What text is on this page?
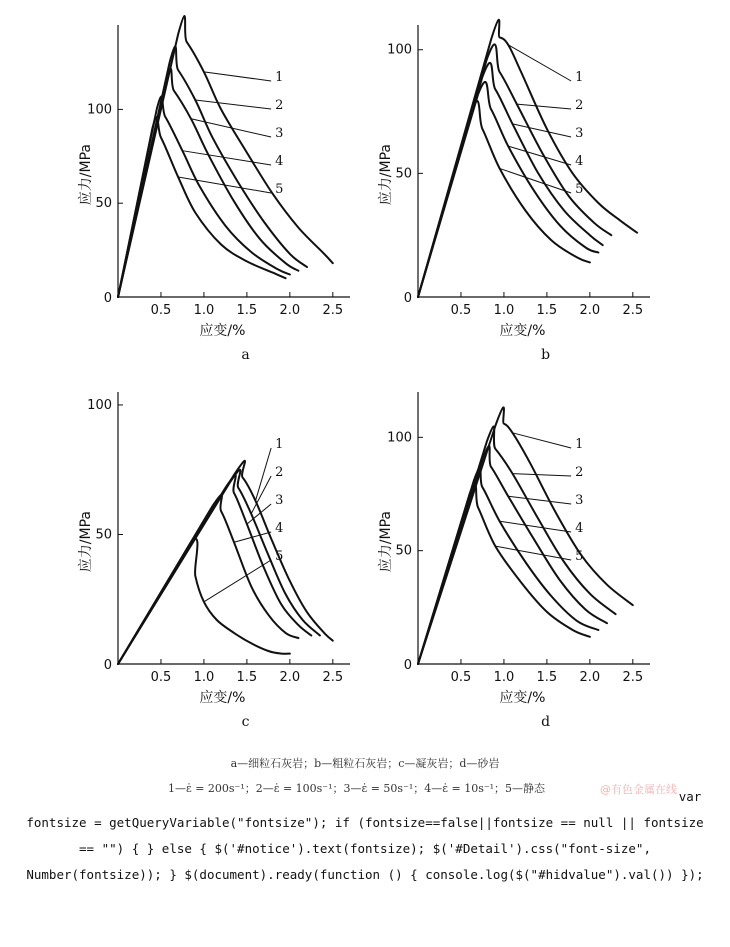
0.5 1.0 1.5 2.0 2.5
50
100
0
应变/%
应力/MPa
a
1
2
3
4
5
0.5 1.0 1.5 2.0 2.5
50
100
0
应变/%
应力/MPa
b
1
2
3
4
5
0.5 1.0 1.5 2.0 2.5
50
100
0
应变/%
应力/MPa
c
1
2
3
4
5
0.5 1.0 1.5 2.0 2.5
50
100
0
应变/%
应力/MPa
d
1
2
3
4
5
a—细粒石灰岩；b—粗粒石灰岩；c—凝灰岩；d—砂岩
1—ε̇ = 200s⁻¹；2—ε̇ = 100s⁻¹；3—ε̇ = 50s⁻¹；4—ε̇ = 10s⁻¹；5—静态	@有色金属在线 var fontsize = getQueryVariable("fontsize"); if (fontsize==false||fontsize == null || fontsize == "") { } else { $('#notice').text(fontsize); $('#Detail').css("font-size", Number(fontsize)); } $(document).ready(function () { console.log($("#hidvalue").val()) });
